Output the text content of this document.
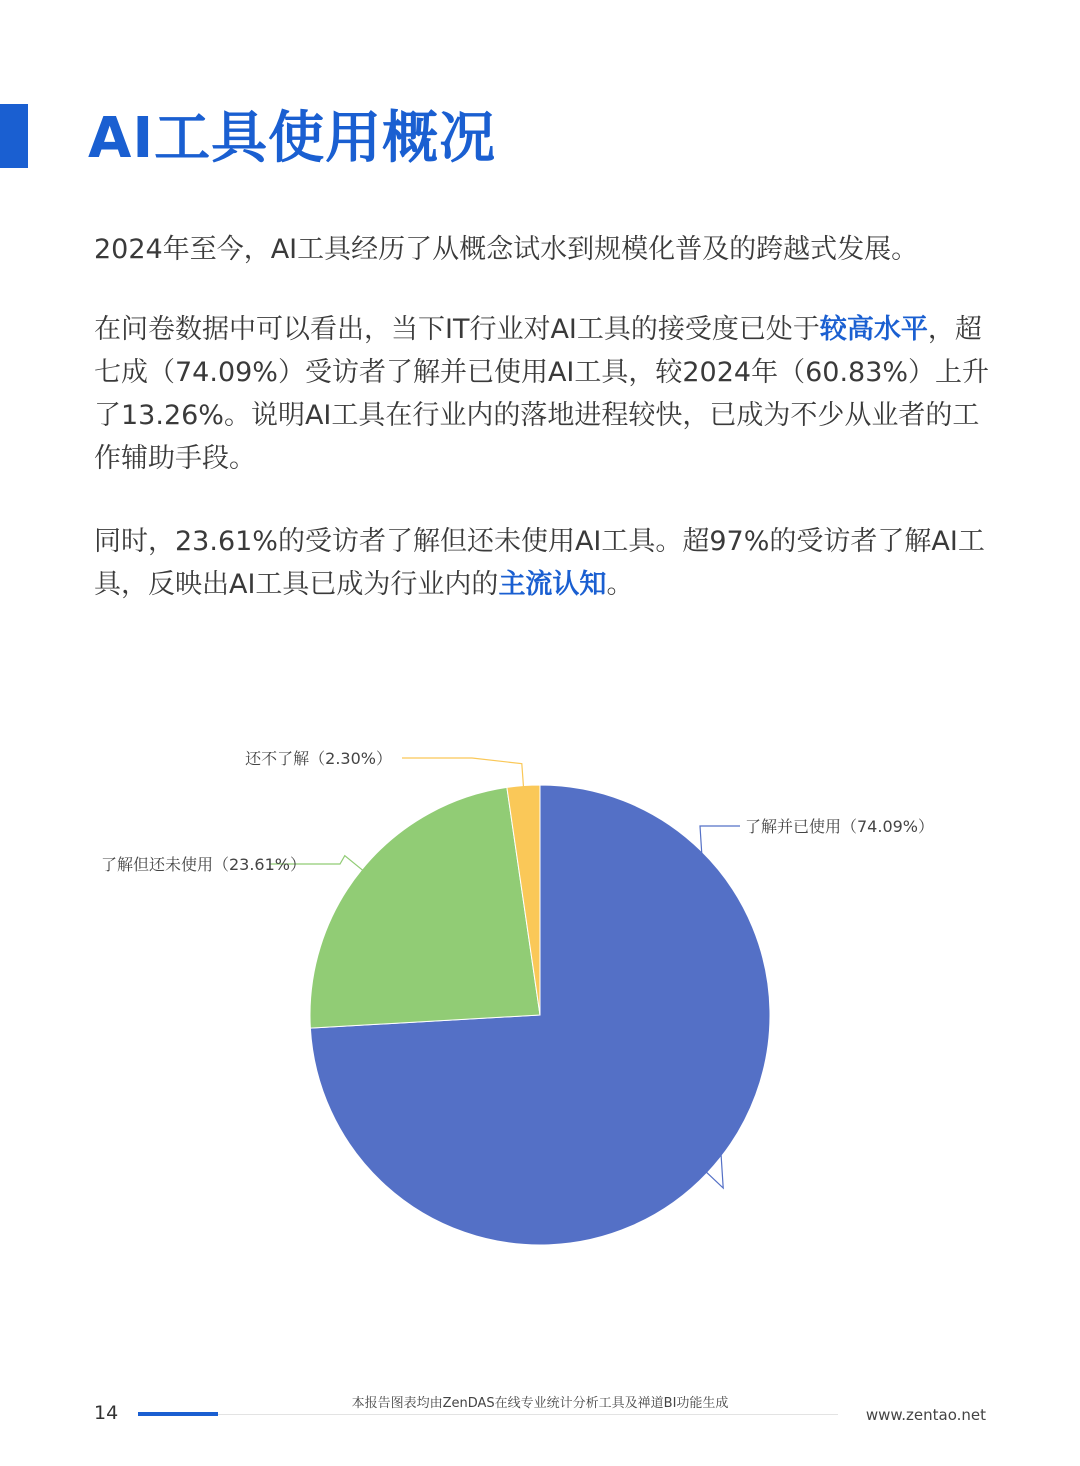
AI工具使用概况

2024年至今，AI工具经历了从概念试水到规模化普及的跨越式发展。

在问卷数据中可以看出，当下IT行业对AI工具的接受度已处于较高水平，超七成（74.09%）受访者了解并已使用AI工具，较2024年（60.83%）上升了13.26%。说明AI工具在行业内的落地进程较快，已成为不少从业者的工作辅助手段。

同时，23.61%的受访者了解但还未使用AI工具。超97%的受访者了解AI工具，反映出AI工具已成为行业内的主流认知。

了解并已使用（74.09%）
了解但还未使用（23.61%）
还不了解（2.30%）
14	本报告图表均由ZenDAS在线专业统计分析工具及禅道BI功能生成
www.zentao.net
